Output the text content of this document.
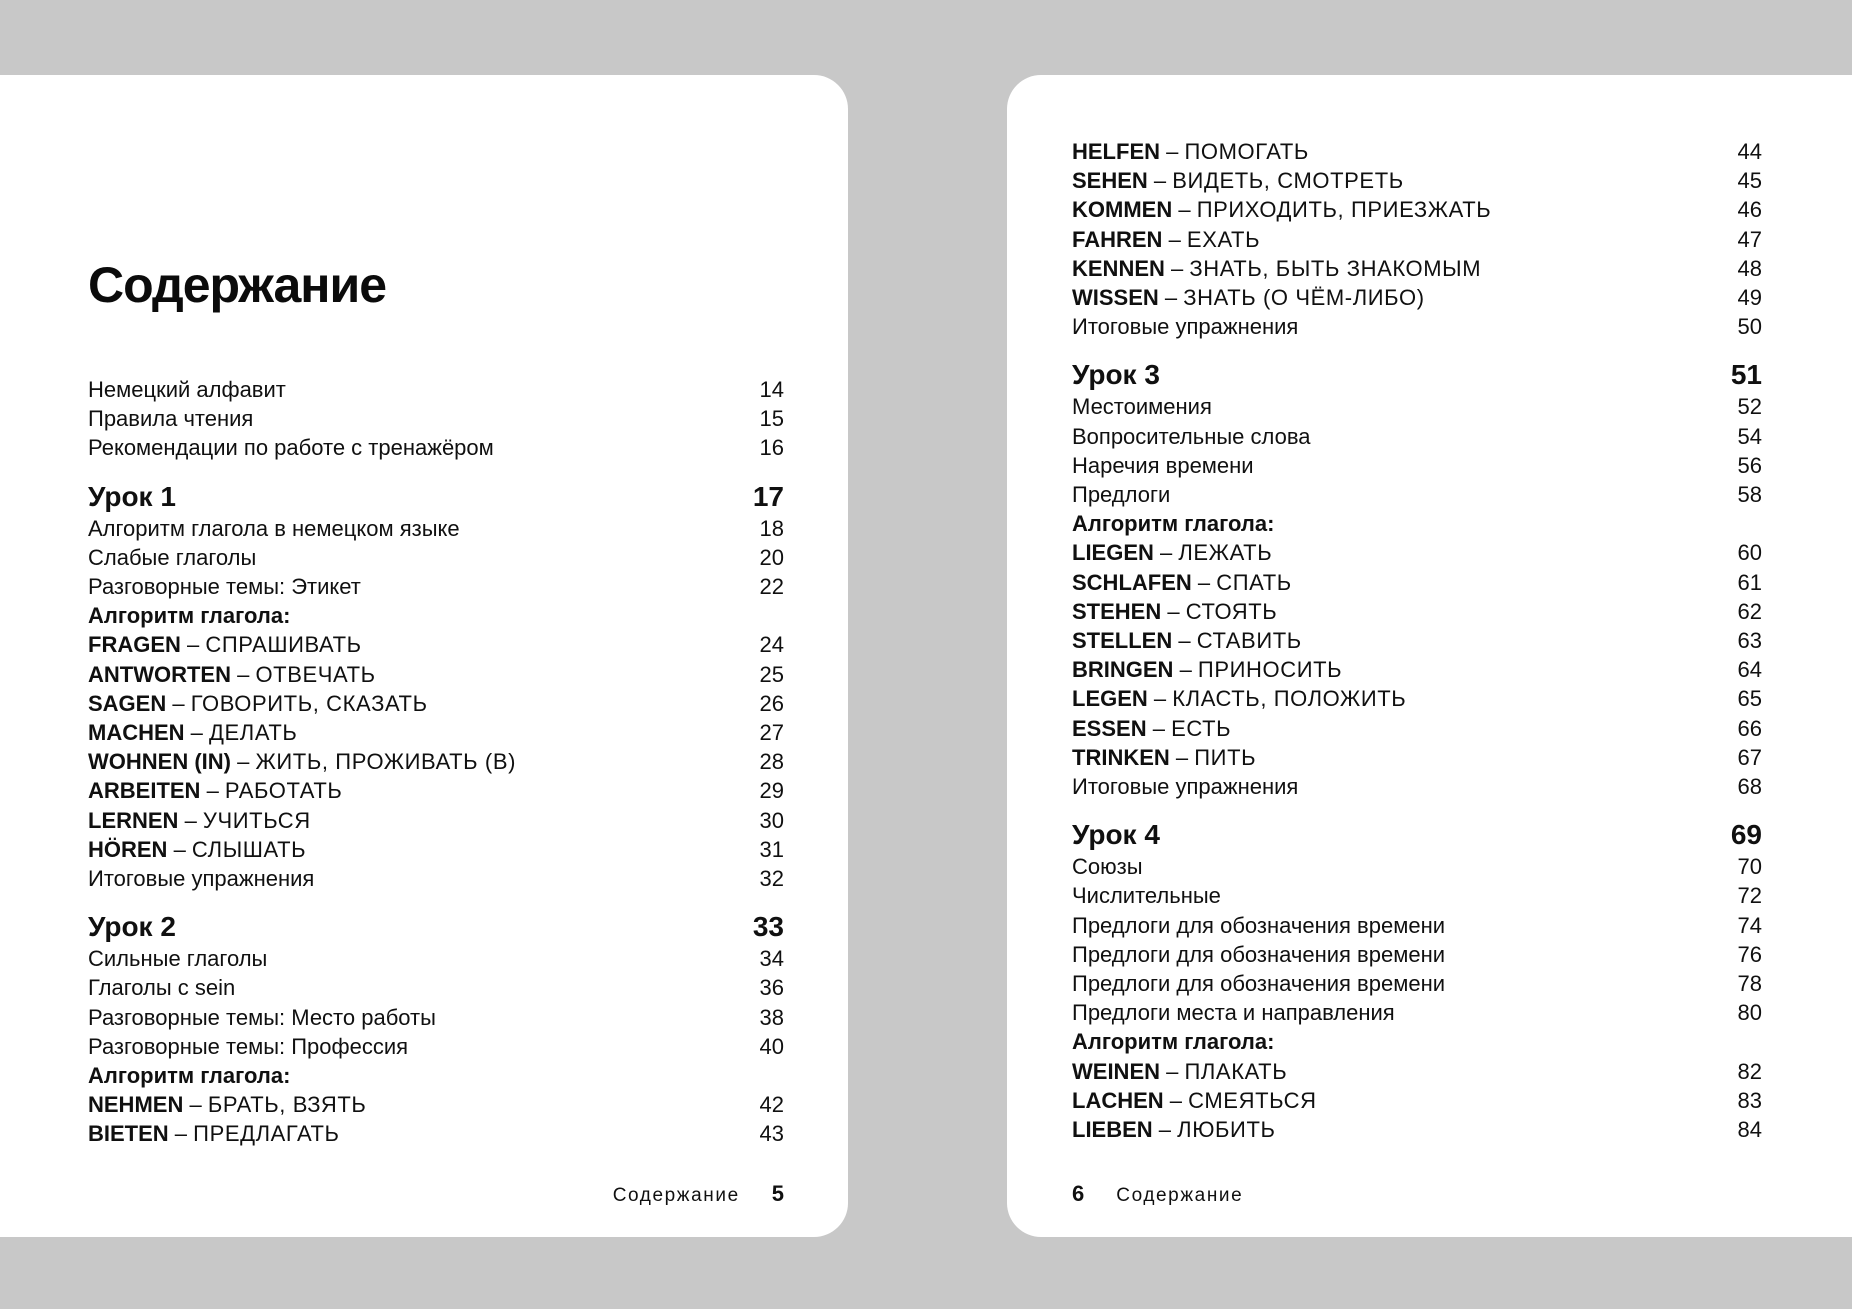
Содержание
Немецкий алфавит	14
Правила чтения	15
Рекомендации по работе с тренажёром	16
Урок 1	17
Алгоритм глагола в немецком языке	18
Слабые глаголы	20
Разговорные темы: Этикет	22
Алгоритм глагола:
FRAGEN – СПРАШИВАТЬ	24
ANTWORTEN – ОТВЕЧАТЬ	25
SAGEN – ГОВОРИТЬ, СКАЗАТЬ	26
MACHEN – ДЕЛАТЬ	27
WOHNEN (IN) – ЖИТЬ, ПРОЖИВАТЬ (В)	28
ARBEITEN – РАБОТАТЬ	29
LERNEN – УЧИТЬСЯ	30
HÖREN – СЛЫШАТЬ	31
Итоговые упражнения	32
Урок 2	33
Сильные глаголы	34
Глаголы с sein	36
Разговорные темы: Место работы	38
Разговорные темы: Профессия	40
Алгоритм глагола:
NEHMEN – БРАТЬ, ВЗЯТЬ	42
BIETEN – ПРЕДЛАГАТЬ	43
Содержание 5
HELFEN – ПОМОГАТЬ	44
SEHEN – ВИДЕТЬ, СМОТРЕТЬ	45
KOMMEN – ПРИХОДИТЬ, ПРИЕЗЖАТЬ	46
FAHREN – ЕХАТЬ	47
KENNEN – ЗНАТЬ, БЫТЬ ЗНАКОМЫМ	48
WISSEN – ЗНАТЬ (О ЧЁМ-ЛИБО)	49
Итоговые упражнения	50
Урок 3	51
Местоимения	52
Вопросительные слова	54
Наречия времени	56
Предлоги	58
Алгоритм глагола:
LIEGEN – ЛЕЖАТЬ	60
SCHLAFEN – СПАТЬ	61
STEHEN – СТОЯТЬ	62
STELLEN – СТАВИТЬ	63
BRINGEN – ПРИНОСИТЬ	64
LEGEN – КЛАСТЬ, ПОЛОЖИТЬ	65
ESSEN – ЕСТЬ	66
TRINKEN – ПИТЬ	67
Итоговые упражнения	68
Урок 4	69
Союзы	70
Числительные	72
Предлоги для обозначения времени	74
Предлоги для обозначения времени	76
Предлоги для обозначения времени	78
Предлоги места и направления	80
Алгоритм глагола:
WEINEN – ПЛАКАТЬ	82
LACHEN – СМЕЯТЬСЯ	83
LIEBEN – ЛЮБИТЬ	84
6 Содержание
